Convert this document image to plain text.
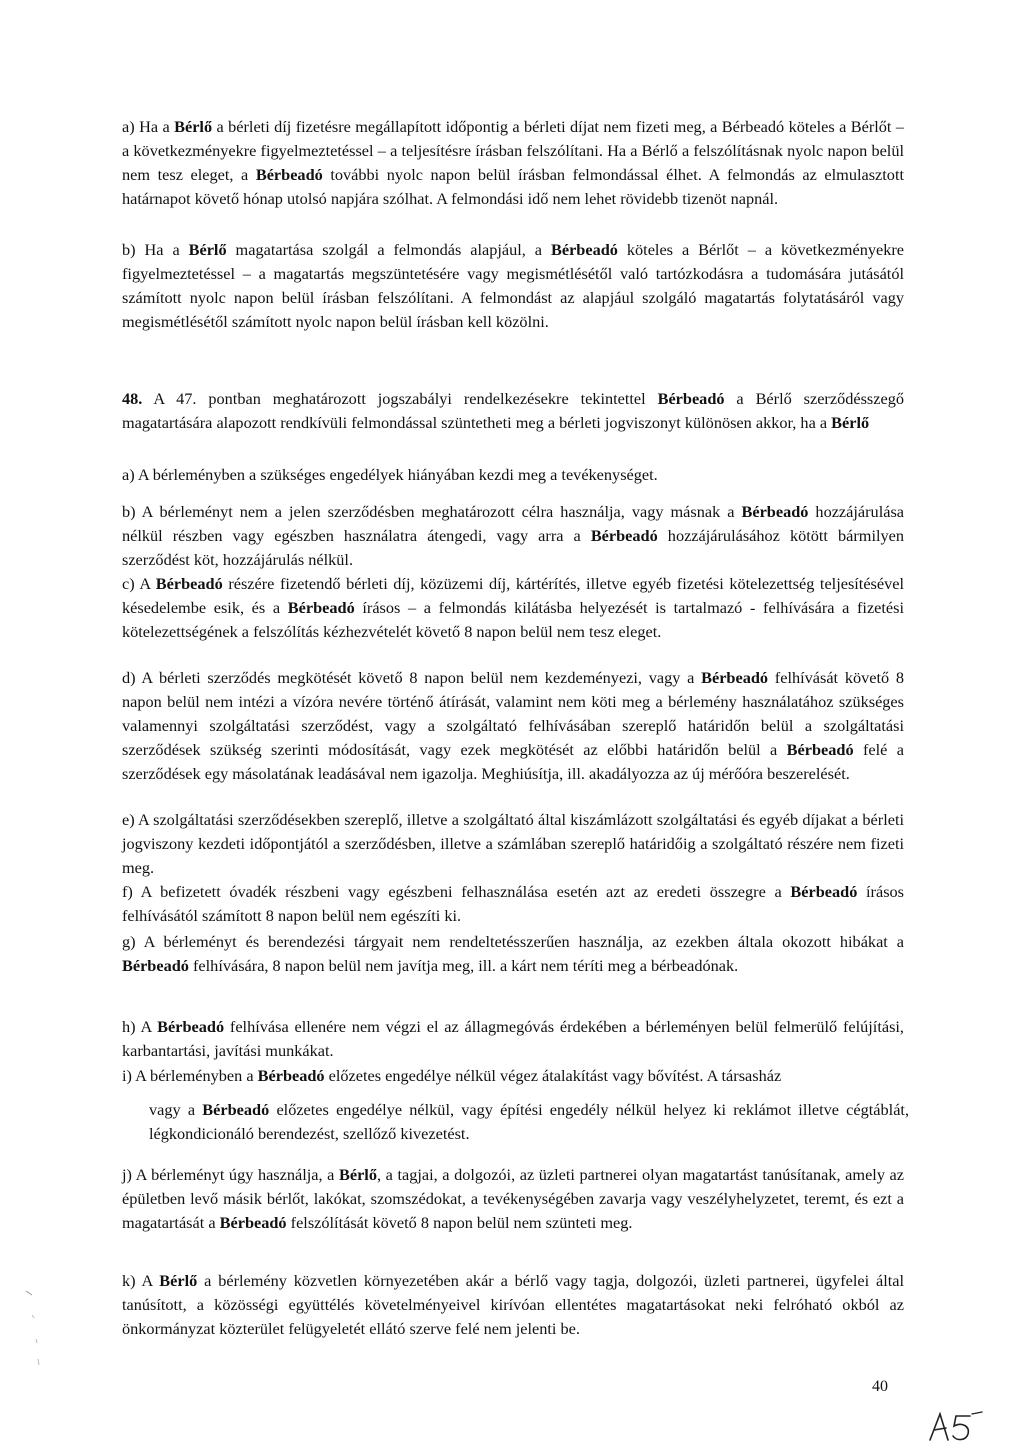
a) Ha a Bérlő a bérleti díj fizetésre megállapított időpontig a bérleti díjat nem fizeti meg, a Bérbeadó köteles a Bérlőt – a következményekre figyelmeztetéssel – a teljesítésre írásban felszólítani. Ha a Bérlő a felszólításnak nyolc napon belül nem tesz eleget, a Bérbeadó további nyolc napon belül írásban felmondással élhet. A felmondás az elmulasztott határnapot követő hónap utolsó napjára szólhat. A felmondási idő nem lehet rövidebb tizenöt napnál.

b) Ha a Bérlő magatartása szolgál a felmondás alapjául, a Bérbeadó köteles a Bérlőt – a következményekre figyelmeztetéssel – a magatartás megszüntetésére vagy megismétlésétől való tartózkodásra a tudomására jutásától számított nyolc napon belül írásban felszólítani. A felmondást az alapjául szolgáló magatartás folytatásáról vagy megismétlésétől számított nyolc napon belül írásban kell közölni.

48. A 47. pontban meghatározott jogszabályi rendelkezésekre tekintettel Bérbeadó a Bérlő szerződésszegő magatartására alapozott rendkívüli felmondással szüntetheti meg a bérleti jogviszonyt különösen akkor, ha a Bérlő

a) A bérleményben a szükséges engedélyek hiányában kezdi meg a tevékenységet.

b) A bérleményt nem a jelen szerződésben meghatározott célra használja, vagy másnak a Bérbeadó hozzájárulása nélkül részben vagy egészben használatra átengedi, vagy arra a Bérbeadó hozzájárulásához kötött bármilyen szerződést köt, hozzájárulás nélkül.

c) A Bérbeadó részére fizetendő bérleti díj, közüzemi díj, kártérítés, illetve egyéb fizetési kötelezettség teljesítésével késedelembe esik, és a Bérbeadó írásos – a felmondás kilátásba helyezését is tartalmazó - felhívására a fizetési kötelezettségének a felszólítás kézhezvételét követő 8 napon belül nem tesz eleget.

d) A bérleti szerződés megkötését követő 8 napon belül nem kezdeményezi, vagy a Bérbeadó felhívását követő 8 napon belül nem intézi a vízóra nevére történő átírását, valamint nem köti meg a bérlemény használatához szükséges valamennyi szolgáltatási szerződést, vagy a szolgáltató felhívásában szereplő határidőn belül a szolgáltatási szerződések szükség szerinti módosítását, vagy ezek megkötését az előbbi határidőn belül a Bérbeadó felé a szerződések egy másolatának leadásával nem igazolja. Meghiúsítja, ill. akadályozza az új mérőóra beszerelését.

e) A szolgáltatási szerződésekben szereplő, illetve a szolgáltató által kiszámlázott szolgáltatási és egyéb díjakat a bérleti jogviszony kezdeti időpontjától a szerződésben, illetve a számlában szereplő határidőig a szolgáltató részére nem fizeti meg.

f) A befizetett óvadék részbeni vagy egészbeni felhasználása esetén azt az eredeti összegre a Bérbeadó írásos felhívásától számított 8 napon belül nem egészíti ki.

g) A bérleményt és berendezési tárgyait nem rendeltetésszerűen használja, az ezekben általa okozott hibákat a Bérbeadó felhívására, 8 napon belül nem javítja meg, ill. a kárt nem téríti meg a bérbeadónak.

h) A Bérbeadó felhívása ellenére nem végzi el az állagmegóvás érdekében a bérleményen belül felmerülő felújítási, karbantartási, javítási munkákat.

i) A bérleményben a Bérbeadó előzetes engedélye nélkül végez átalakítást vagy bővítést. A társasház

vagy a Bérbeadó előzetes engedélye nélkül, vagy építési engedély nélkül helyez ki reklámot illetve cégtáblát, légkondicionáló berendezést, szellőző kivezetést.

j) A bérleményt úgy használja, a Bérlő, a tagjai, a dolgozói, az üzleti partnerei olyan magatartást tanúsítanak, amely az épületben levő másik bérlőt, lakókat, szomszédokat, a tevékenységében zavarja vagy veszélyhelyzetet, teremt, és ezt a magatartását a Bérbeadó felszólítását követő 8 napon belül nem szünteti meg.

k) A Bérlő a bérlemény közvetlen környezetében akár a bérlő vagy tagja, dolgozói, üzleti partnerei, ügyfelei által tanúsított, a közösségi együttélés követelményeivel kirívóan ellentétes magatartásokat neki felróható okból az önkormányzat közterület felügyeletét ellátó szerve felé nem jelenti be.

40
